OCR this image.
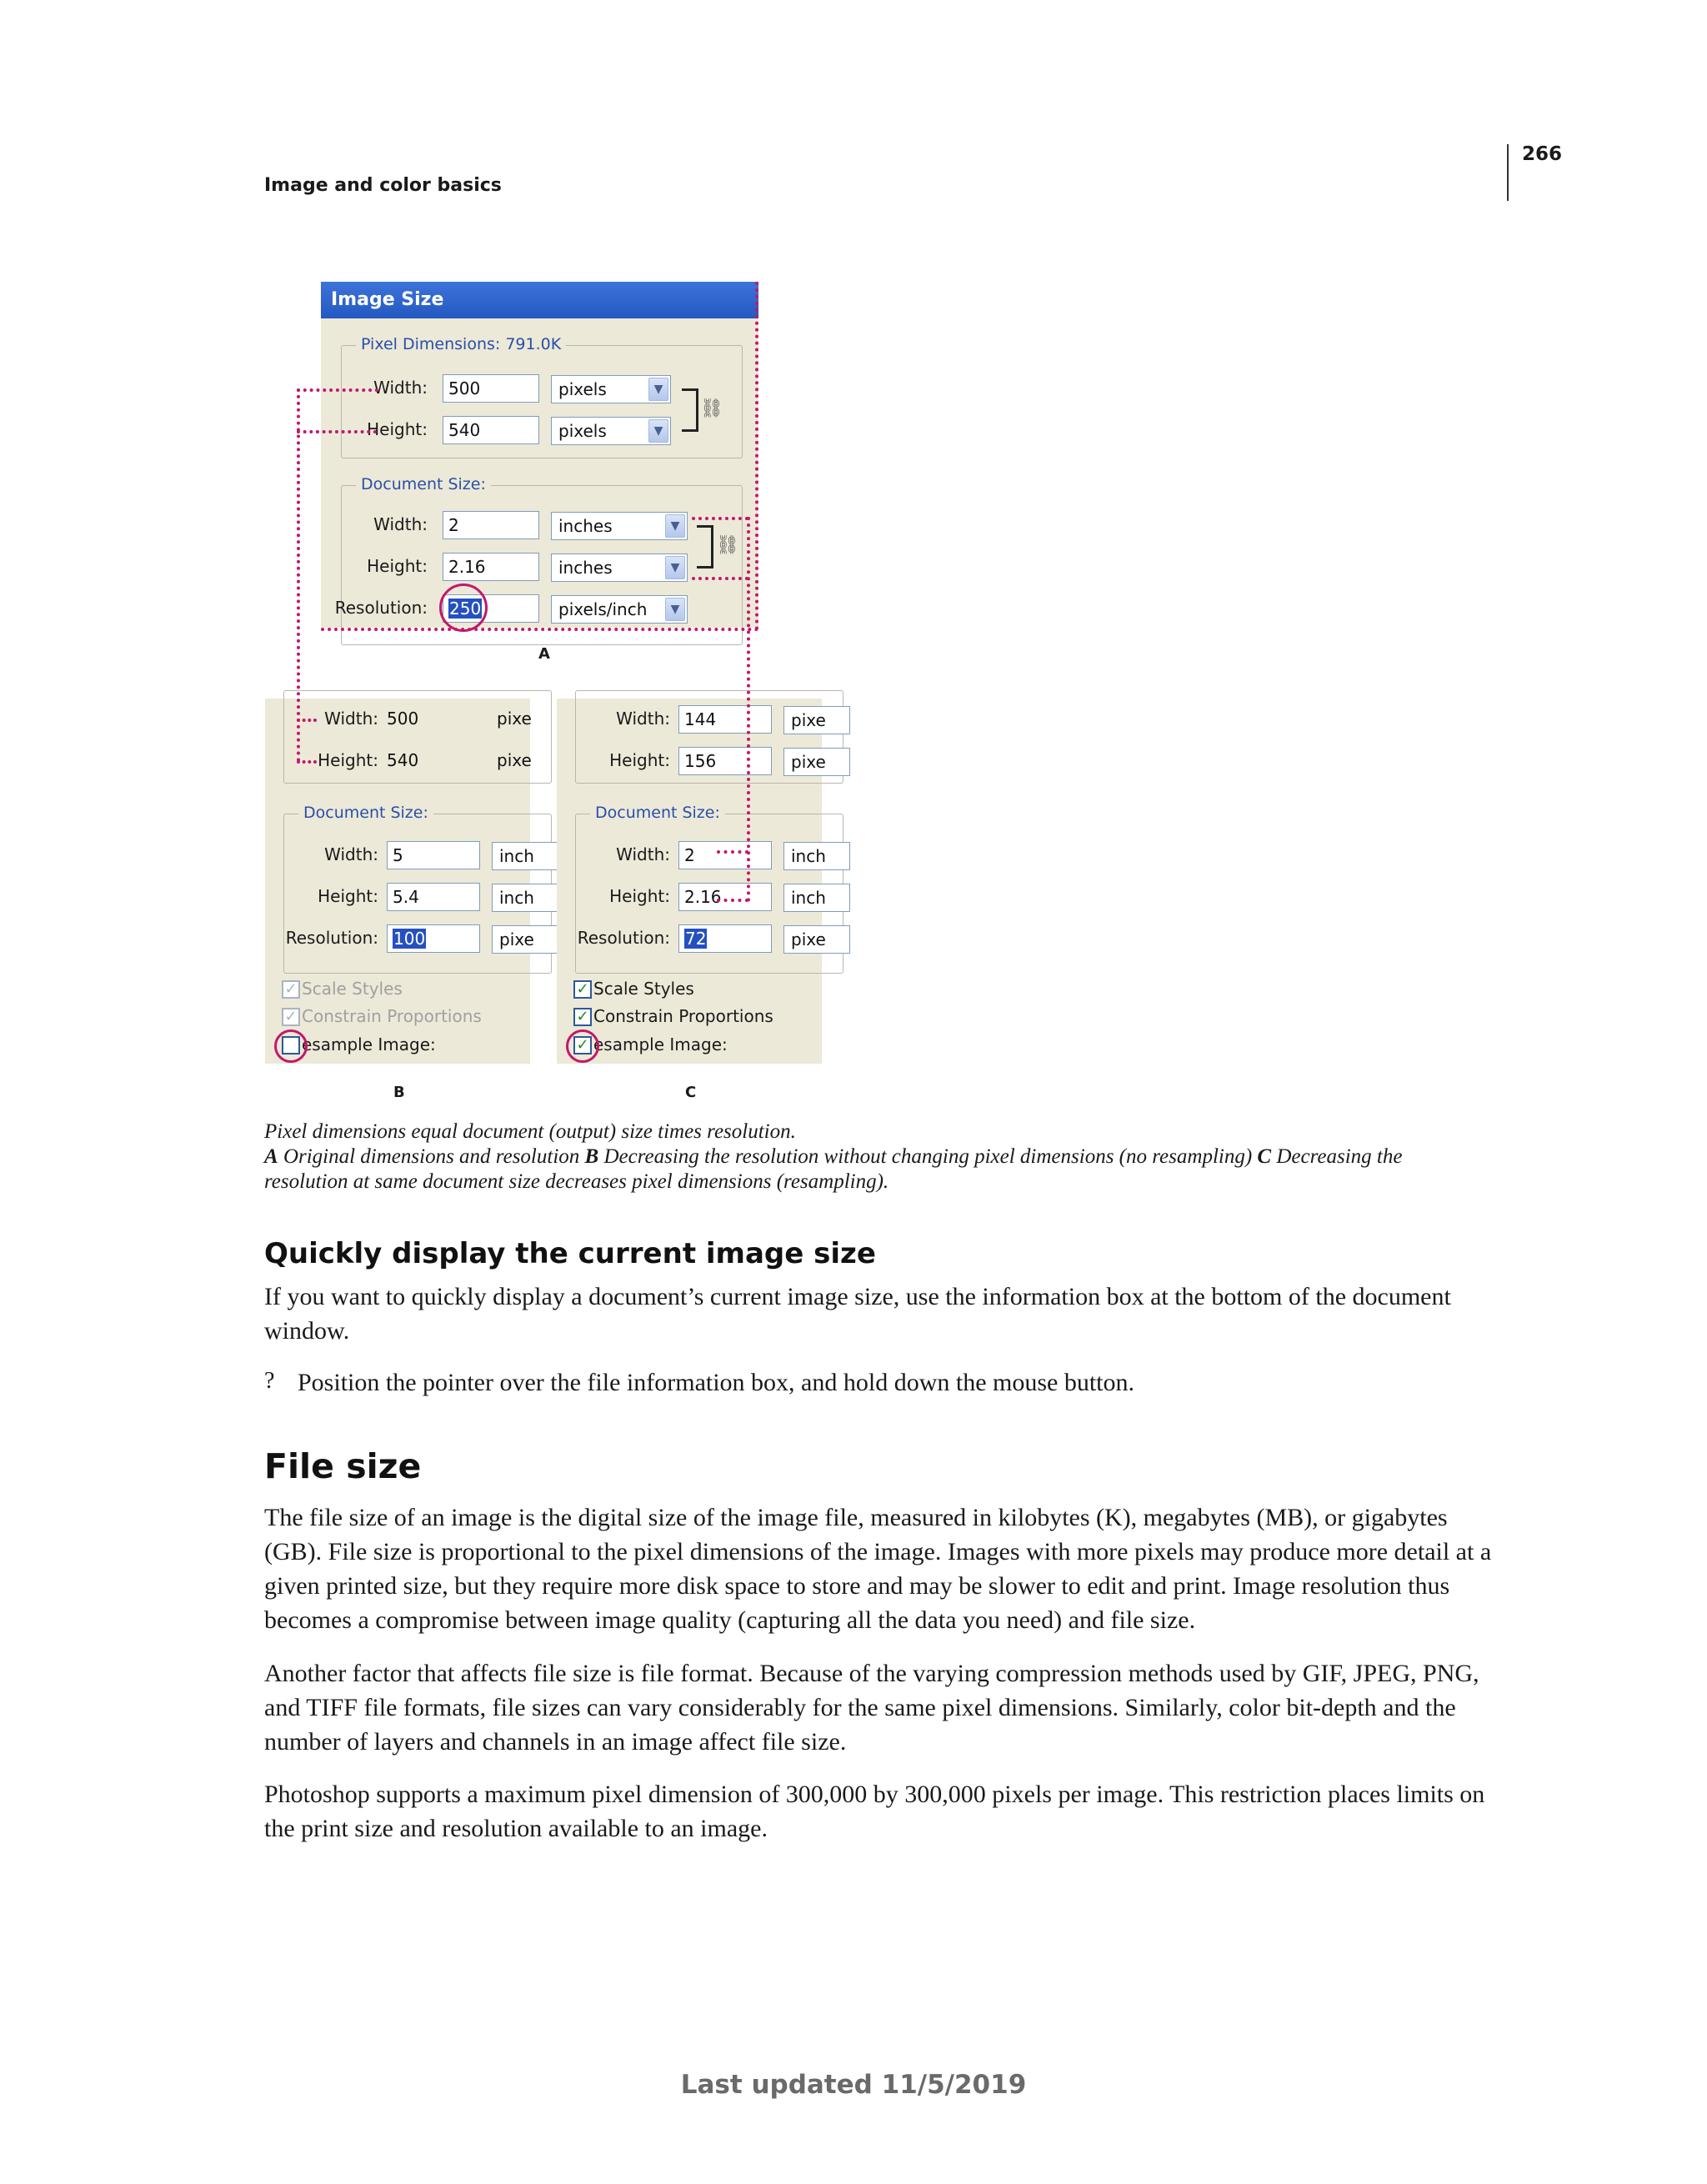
266
Image and color basics
Image Size
Pixel Dimensions: 791.0K
Width:	500	pixels	▼
Height:	540	pixels	▼
⛓
Document Size:
Width:	2	inches	▼
Height:	2.16	inches	▼
⛓
Resolution:	250	pixels/inch	▼
A
Width: 500	pixe
Height: 540	pixe
Document Size:
Width: 5	inch
Height: 5.4	inch
Resolution: 100	pixe
✓ Scale Styles
✓ Constrain Proportions
esample Image:
B
Width: 144	pixe
Height: 156	pixe
Document Size:
Width: 2	inch
Height: 2.16	inch
Resolution: 72	pixe
✓ Scale Styles
✓ Constrain Proportions
✓ esample Image:
C
Pixel dimensions equal document (output) size times resolution.
A Original dimensions and resolution B Decreasing the resolution without changing pixel dimensions (no resampling) C Decreasing the
resolution at same document size decreases pixel dimensions (resampling).
Quickly display the current image size

If you want to quickly display a document’s current image size, use the information box at the bottom of the document window.

? Position the pointer over the file information box, and hold down the mouse button.

File size

The file size of an image is the digital size of the image file, measured in kilobytes (K), megabytes (MB), or gigabytes (GB). File size is proportional to the pixel dimensions of the image. Images with more pixels may produce more detail at a given printed size, but they require more disk space to store and may be slower to edit and print. Image resolution thus becomes a compromise between image quality (capturing all the data you need) and file size.

Another factor that affects file size is file format. Because of the varying compression methods used by GIF, JPEG, PNG, and TIFF file formats, file sizes can vary considerably for the same pixel dimensions. Similarly, color bit-depth and the number of layers and channels in an image affect file size.

Photoshop supports a maximum pixel dimension of 300,000 by 300,000 pixels per image. This restriction places limits on the print size and resolution available to an image.

Last updated 11/5/2019
